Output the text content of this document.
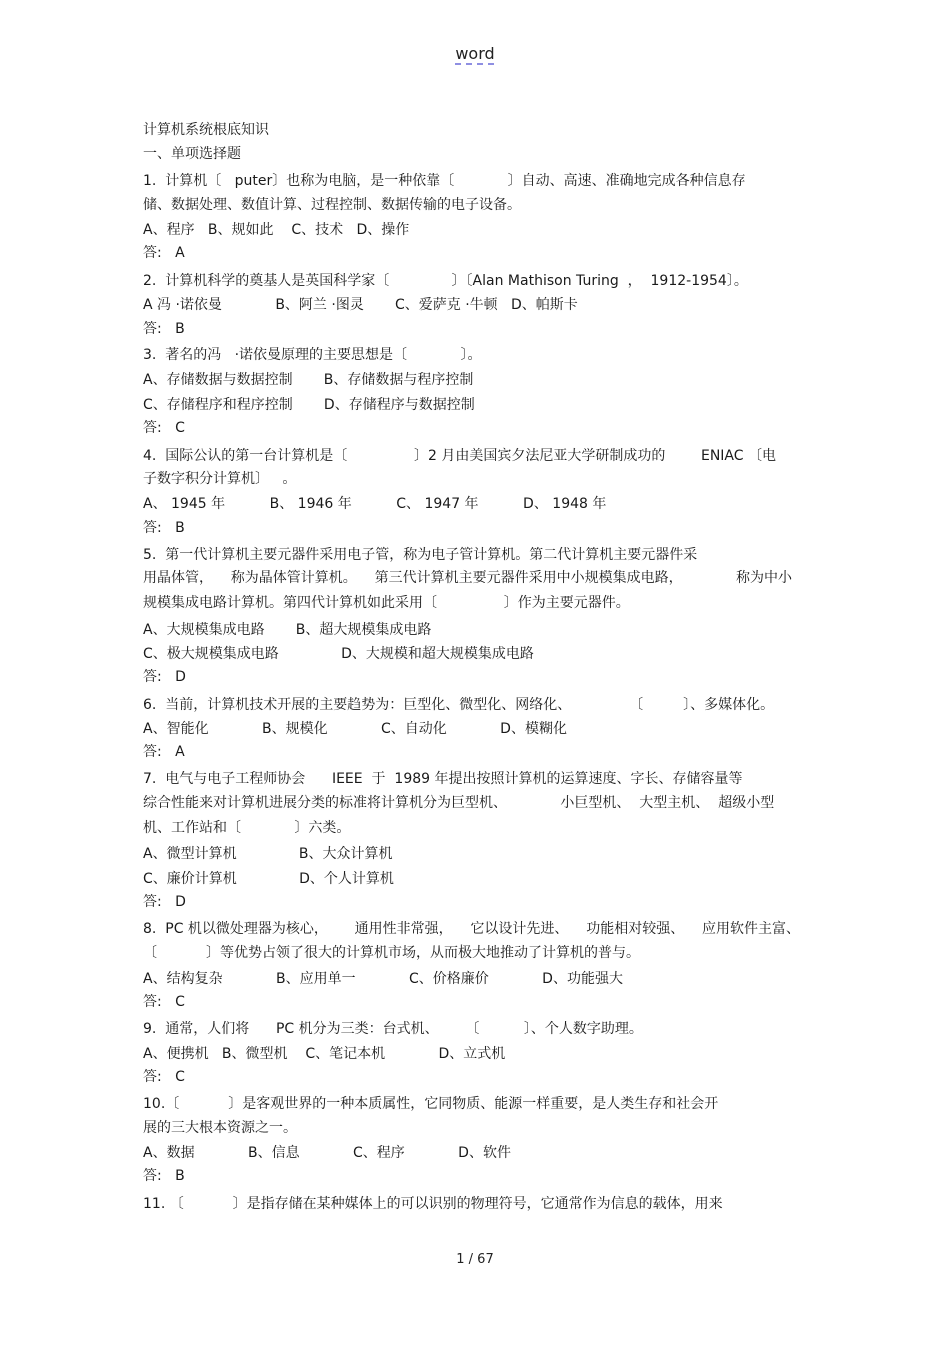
word
计算机系统根底知识
一、单项选择题
1.  计算机〔   puter〕也称为电脑，是一种依靠〔            〕自动、高速、准确地完成各种信息存
储、数据处理、数值计算、过程控制、数据传输的电子设备。
A、程序   B、规如此    C、技术   D、操作
答:   A
2.  计算机科学的奠基人是英国科学家〔              〕〔Alan Mathison Turing  ，  1912-1954〕。
A 冯 ·诺依曼            B、阿兰 ·图灵       C、爱萨克 ·牛顿   D、帕斯卡
答:   B
3.  著名的冯   ·诺依曼原理的主要思想是〔            〕。
A、存储数据与数据控制       B、存储数据与程序控制
C、存储程序和程序控制       D、存储程序与数据控制
答:   C
4.  国际公认的第一台计算机是〔               〕2 月由美国宾夕法尼亚大学研制成功的        ENIAC 〔电
子数字积分计算机〕   。
A、 1945 年          B、 1946 年          C、 1947 年          D、 1948 年
答:   B
5.  第一代计算机主要元器件采用电子管，称为电子管计算机。第二代计算机主要元器件采
用晶体管，    称为晶体管计算机。    第三代计算机主要元器件采用中小规模集成电路，            称为中小
规模集成电路计算机。第四代计算机如此采用〔               〕作为主要元器件。
A、大规模集成电路       B、超大规模集成电路
C、极大规模集成电路              D、大规模和超大规模集成电路
答:   D
6.  当前，计算机技术开展的主要趋势为：巨型化、微型化、网络化、             〔         〕、多媒体化。
A、智能化            B、规模化            C、自动化            D、模糊化
答:   A
7.  电气与电子工程师协会      IEEE  于  1989 年提出按照计算机的运算速度、字长、存储容量等
综合性能来对计算机进展分类的标准将计算机分为巨型机、            小巨型机、  大型主机、  超级小型
机、工作站和〔            〕六类。
A、微型计算机              B、大众计算机
C、廉价计算机              D、个人计算机
答:   D
8.  PC 机以微处理器为核心，      通用性非常强，    它以设计先进、    功能相对较强、    应用软件主富、
〔           〕等优势占领了很大的计算机市场，从而极大地推动了计算机的普与。
A、结构复杂            B、应用单一            C、价格廉价            D、功能强大
答:   C
9.  通常，人们将      PC 机分为三类：台式机、      〔          〕、个人数字助理。
A、便携机   B、微型机    C、笔记本机            D、立式机
答:   C
10.〔           〕是客观世界的一种本质属性，它同物质、能源一样重要，是人类生存和社会开
展的三大根本资源之一。
A、数据            B、信息            C、程序            D、软件
答:   B
11. 〔           〕是指存储在某种媒体上的可以识别的物理符号，它通常作为信息的载体，用来
1 / 67
